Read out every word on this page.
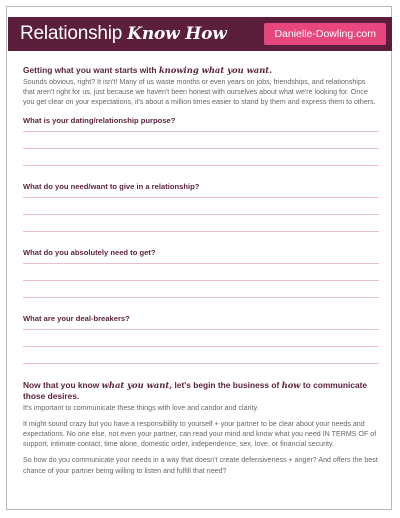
Relationship Know How	Danielle-Dowling.com
Getting what you want starts with knowing what you want.

Sounds obvious, right? It isn't! Many of us waste months or even years on jobs, friendships, and relationships that aren't right for us, just because we haven't been honest with ourselves about what we're looking for. Once you get clear on your expectations, it's about a million times easier to stand by them and express them to others.

What is your dating/relationship purpose?

What do you need/want to give in a relationship?

What do you absolutely need to get?

What are your deal-breakers?

Now that you know what you want, let's begin the business of how to communicate those desires.

It's important to communicate these things with love and candor and clarity.

It might sound crazy but you have a responsibility to yourself + your partner to be clear about your needs and expectations. No one else, not even your partner, can read your mind and know what you need IN TERMS OF of support, intimate contact, time alone, domestic order, independence, sex, love, or financial security.

So how do you communicate your needs in a way that doesn't create defensiveness + anger? And offers the best chance of your partner being willing to listen and fulfill that need?
